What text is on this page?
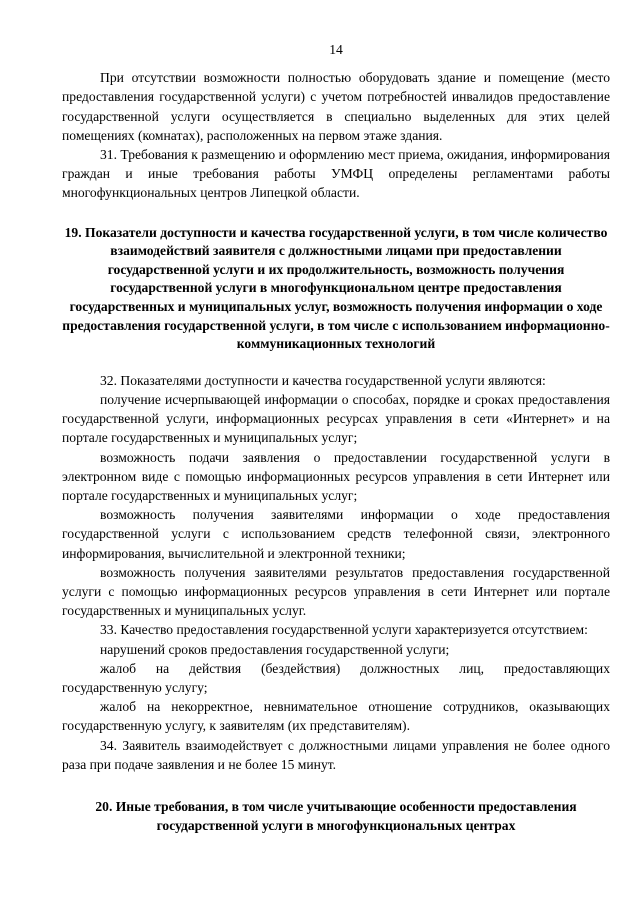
14

При отсутствии возможности полностью оборудовать здание и помещение (место предоставления государственной услуги) с учетом потребностей инвалидов предоставление государственной услуги осуществляется в специально выделенных для этих целей помещениях (комнатах), расположенных на первом этаже здания.

31. Требования к размещению и оформлению мест приема, ожидания, информирования граждан и иные требования работы УМФЦ определены регламентами работы многофункциональных центров Липецкой области.

19. Показатели доступности и качества государственной услуги, в том числе количество взаимодействий заявителя с должностными лицами при предоставлении государственной услуги и их продолжительность, возможность получения государственной услуги в многофункциональном центре предоставления государственных и муниципальных услуг, возможность получения информации о ходе предоставления государственной услуги, в том числе с использованием информационно-коммуникационных технологий

32. Показателями доступности и качества государственной услуги являются:

получение исчерпывающей информации о способах, порядке и сроках предоставления государственной услуги, информационных ресурсах управления в сети «Интернет» и на портале государственных и муниципальных услуг;

возможность подачи заявления о предоставлении государственной услуги в электронном виде с помощью информационных ресурсов управления в сети Интернет или портале государственных и муниципальных услуг;

возможность получения заявителями информации о ходе предоставления государственной услуги с использованием средств телефонной связи, электронного информирования, вычислительной и электронной техники;

возможность получения заявителями результатов предоставления государственной услуги с помощью информационных ресурсов управления в сети Интернет или портале государственных и муниципальных услуг.

33. Качество предоставления государственной услуги характеризуется отсутствием:

нарушений сроков предоставления государственной услуги;

жалоб на действия (бездействия) должностных лиц, предоставляющих государственную услугу;

жалоб на некорректное, невнимательное отношение сотрудников, оказывающих государственную услугу, к заявителям (их представителям).

34. Заявитель взаимодействует с должностными лицами управления не более одного раза при подаче заявления и не более 15 минут.

20. Иные требования, в том числе учитывающие особенности предоставления государственной услуги в многофункциональных центрах
